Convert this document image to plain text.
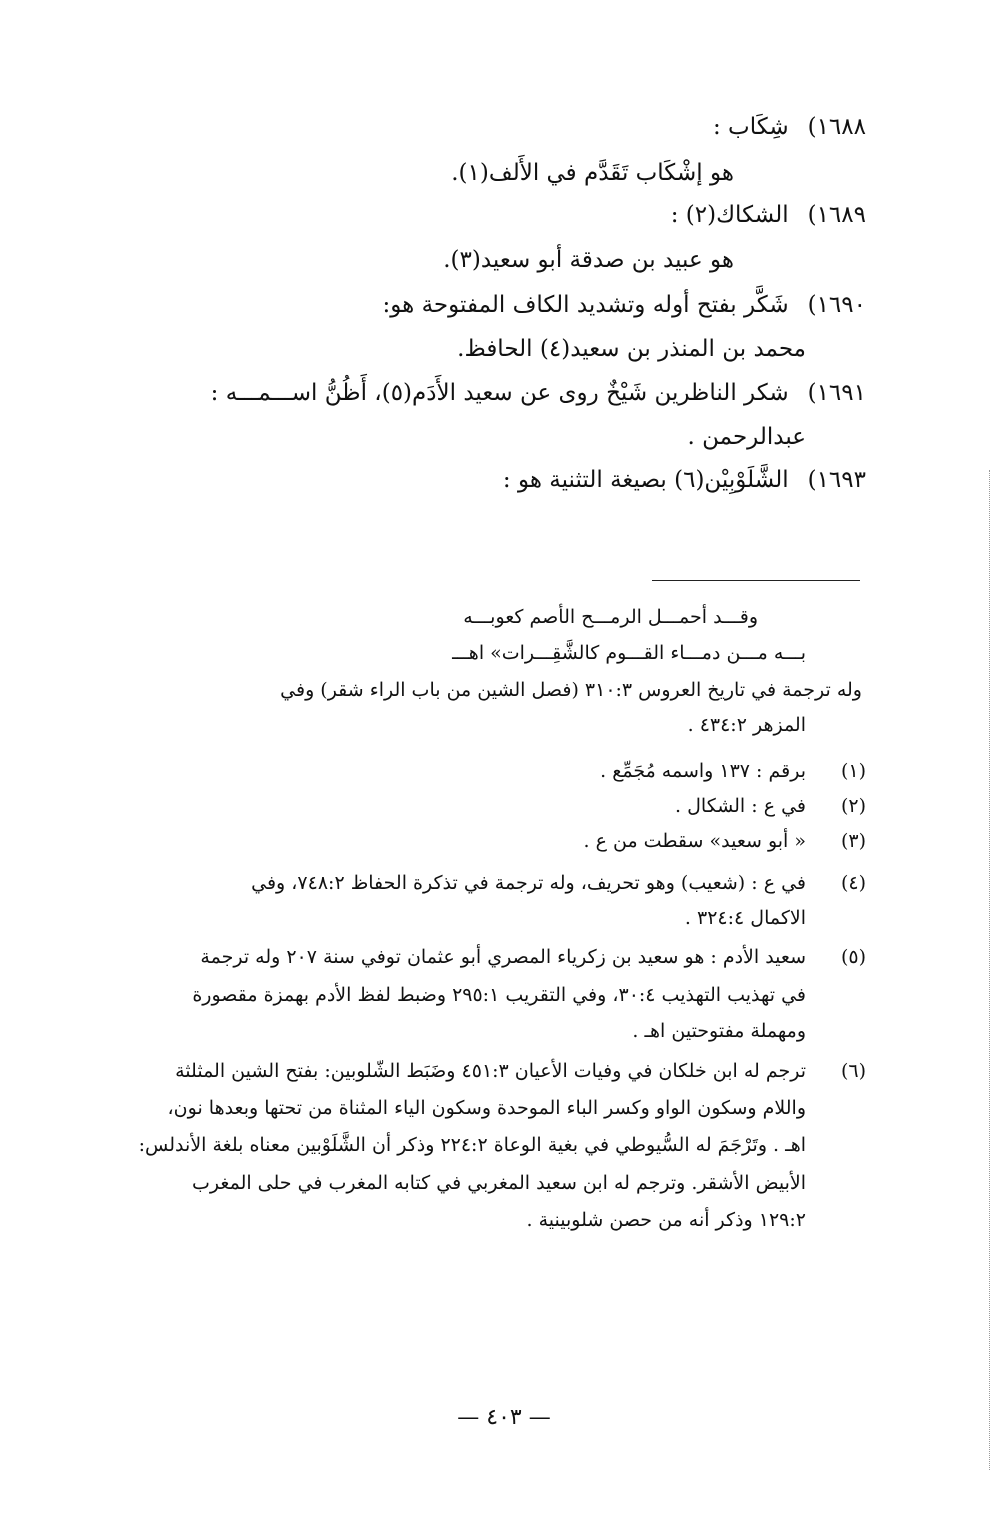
١٦٨٨) شِكَاب :
هو إشْكَاب تَقَدَّم في الأَلف(١).
١٦٨٩) الشكاك(٢) :
هو عبيد بن صدقة أبو سعيد(٣).
١٦٩٠) شَكَّر بفتح أوله وتشديد الكاف المفتوحة هو:
محمد بن المنذر بن سعيد(٤) الحافظ.
١٦٩١) شكر الناظرين شَيْخٌ روى عن سعيد الأَدَم(٥)، أَظُنُّ اســـمـــه :
عبدالرحمن .
١٦٩٣) الشَّلَوْبِيْن(٦) بصيغة التثنية هو :
وقـــد أحمـــل الرمـــح الأصم كعوبـــه
بـــه مـــن دمـــاء القـــوم كالشَّقِـــرات» اهـــ
وله ترجمة في تاريخ العروس ٣١٠:٣ (فصل الشين من باب الراء شقر) وفي
المزهر ٤٣٤:٢ .
(١)
برقم : ١٣٧ واسمه مُجَمِّع .
(٢)
في ع : الشكال .
(٣)
« أبو سعيد» سقطت من ع .
(٤)
في ع : (شعيب) وهو تحريف، وله ترجمة في تذكرة الحفاظ ٧٤٨:٢، وفي
الاكمال ٣٢٤:٤ .
(٥)
سعيد الأدم : هو سعيد بن زكرياء المصري أبو عثمان توفي سنة ٢٠٧ وله ترجمة
في تهذيب التهذيب ٣٠:٤، وفي التقريب ٢٩٥:١ وضبط لفظ الأدم بهمزة مقصورة
ومهملة مفتوحتين اهـ .
(٦)
ترجم له ابن خلكان في وفيات الأعيان ٤٥١:٣ وضَبَط الشّلوبين: بفتح الشين المثلثة
واللام وسكون الواو وكسر الباء الموحدة وسكون الياء المثناة من تحتها وبعدها نون،
اهـ . وتَرْجَمَ له السُّيوطي في بغية الوعاة ٢٢٤:٢ وذكر أن الشَّلَوْبين معناه بلغة الأندلس:
الأبيض الأشقر. وترجم له ابن سعيد المغربي في كتابه المغرب في حلى المغرب
١٢٩:٢ وذكر أنه من حصن شلوبينية .
— ٤٠٣ —
